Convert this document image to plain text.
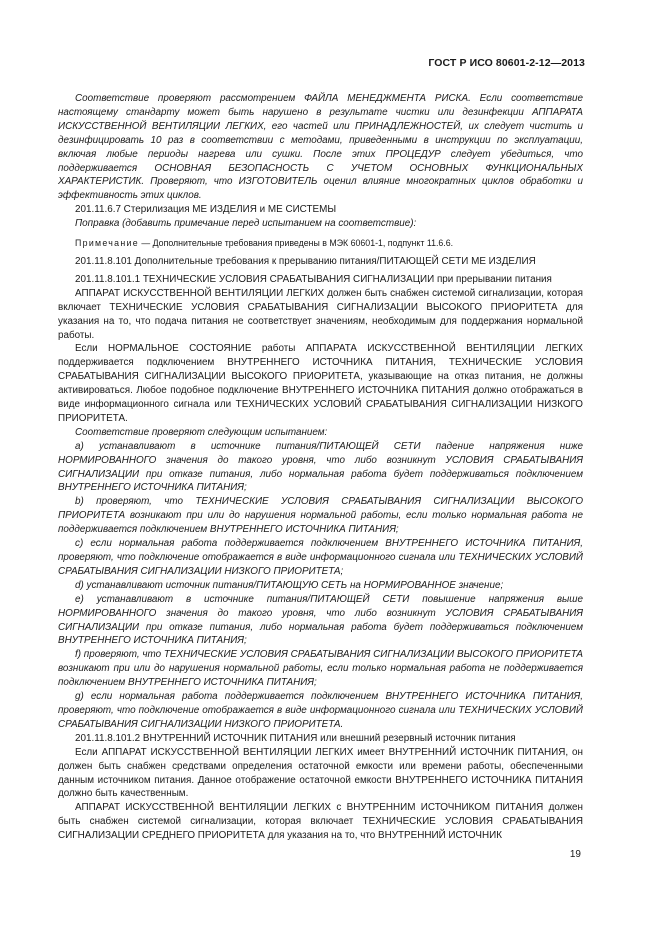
ГОСТ Р ИСО 80601-2-12—2013

Соответствие проверяют рассмотрением ФАЙЛА МЕНЕДЖМЕНТА РИСКА. Если соответствие настоящему стандарту может быть нарушено в результате чистки или дезинфекции АППАРАТА ИСКУССТВЕННОЙ ВЕНТИЛЯЦИИ ЛЕГКИХ, его частей или ПРИНАДЛЕЖНОСТЕЙ, их следует чистить и дезинфицировать 10 раз в соответствии с методами, приведенными в инструкции по эксплуатации, включая любые периоды нагрева или сушки. После этих ПРОЦЕДУР следует убедиться, что поддерживается ОСНОВНАЯ БЕЗОПАСНОСТЬ С УЧЕТОМ ОСНОВНЫХ ФУНКЦИОНАЛЬНЫХ ХАРАКТЕРИСТИК. Проверяют, что ИЗГОТОВИТЕЛЬ оценил влияние многократных циклов обработки и эффективность этих циклов.

201.11.6.7 Стерилизация МЕ ИЗДЕЛИЯ и МЕ СИСТЕМЫ

Поправка (добавить примечание перед испытанием на соответствие):

Примечание — Дополнительные требования приведены в МЭК 60601-1, подпункт 11.6.6.

201.11.8.101 Дополнительные требования к прерыванию питания/ПИТАЮЩЕЙ СЕТИ МЕ ИЗДЕЛИЯ

201.11.8.101.1 ТЕХНИЧЕСКИЕ УСЛОВИЯ СРАБАТЫВАНИЯ СИГНАЛИЗАЦИИ при прерывании питания

АППАРАТ ИСКУССТВЕННОЙ ВЕНТИЛЯЦИИ ЛЕГКИХ должен быть снабжен системой сигнализации, которая включает ТЕХНИЧЕСКИЕ УСЛОВИЯ СРАБАТЫВАНИЯ СИГНАЛИЗАЦИИ ВЫСОКОГО ПРИОРИТЕТА для указания на то, что подача питания не соответствует значениям, необходимым для поддержания нормальной работы.

Если НОРМАЛЬНОЕ СОСТОЯНИЕ работы АППАРАТА ИСКУССТВЕННОЙ ВЕНТИЛЯЦИИ ЛЕГКИХ поддерживается подключением ВНУТРЕННЕГО ИСТОЧНИКА ПИТАНИЯ, ТЕХНИЧЕСКИЕ УСЛОВИЯ СРАБАТЫВАНИЯ СИГНАЛИЗАЦИИ ВЫСОКОГО ПРИОРИТЕТА, указывающие на отказ питания, не должны активироваться. Любое подобное подключение ВНУТРЕННЕГО ИСТОЧНИКА ПИТАНИЯ должно отображаться в виде информационного сигнала или ТЕХНИЧЕСКИХ УСЛОВИЙ СРАБАТЫВАНИЯ СИГНАЛИЗАЦИИ НИЗКОГО ПРИОРИТЕТА.

Соответствие проверяют следующим испытанием:

a) устанавливают в источнике питания/ПИТАЮЩЕЙ СЕТИ падение напряжения ниже НОРМИРОВАННОГО значения до такого уровня, что либо возникнут УСЛОВИЯ СРАБАТЫВАНИЯ СИГНАЛИЗАЦИИ при отказе питания, либо нормальная работа будет поддерживаться подключением ВНУТРЕННЕГО ИСТОЧНИКА ПИТАНИЯ;

b) проверяют, что ТЕХНИЧЕСКИЕ УСЛОВИЯ СРАБАТЫВАНИЯ СИГНАЛИЗАЦИИ ВЫСОКОГО ПРИОРИТЕТА возникают при или до нарушения нормальной работы, если только нормальная работа не поддерживается подключением ВНУТРЕННЕГО ИСТОЧНИКА ПИТАНИЯ;

c) если нормальная работа поддерживается подключением ВНУТРЕННЕГО ИСТОЧНИКА ПИТАНИЯ, проверяют, что подключение отображается в виде информационного сигнала или ТЕХНИЧЕСКИХ УСЛОВИЙ СРАБАТЫВАНИЯ СИГНАЛИЗАЦИИ НИЗКОГО ПРИОРИТЕТА;

d) устанавливают источник питания/ПИТАЮЩУЮ СЕТЬ на НОРМИРОВАННОЕ значение;

e) устанавливают в источнике питания/ПИТАЮЩЕЙ СЕТИ повышение напряжения выше НОРМИРОВАННОГО значения до такого уровня, что либо возникнут УСЛОВИЯ СРАБАТЫВАНИЯ СИГНАЛИЗАЦИИ при отказе питания, либо нормальная работа будет поддерживаться подключением ВНУТРЕННЕГО ИСТОЧНИКА ПИТАНИЯ;

f) проверяют, что ТЕХНИЧЕСКИЕ УСЛОВИЯ СРАБАТЫВАНИЯ СИГНАЛИЗАЦИИ ВЫСОКОГО ПРИОРИТЕТА возникают при или до нарушения нормальной работы, если только нормальная работа не поддерживается подключением ВНУТРЕННЕГО ИСТОЧНИКА ПИТАНИЯ;

g) если нормальная работа поддерживается подключением ВНУТРЕННЕГО ИСТОЧНИКА ПИТАНИЯ, проверяют, что подключение отображается в виде информационного сигнала или ТЕХНИЧЕСКИХ УСЛОВИЙ СРАБАТЫВАНИЯ СИГНАЛИЗАЦИИ НИЗКОГО ПРИОРИТЕТА.

201.11.8.101.2 ВНУТРЕННИЙ ИСТОЧНИК ПИТАНИЯ или внешний резервный источник питания

Если АППАРАТ ИСКУССТВЕННОЙ ВЕНТИЛЯЦИИ ЛЕГКИХ имеет ВНУТРЕННИЙ ИСТОЧНИК ПИТАНИЯ, он должен быть снабжен средствами определения остаточной емкости или времени работы, обеспеченными данным источником питания. Данное отображение остаточной емкости ВНУТРЕННЕГО ИСТОЧНИКА ПИТАНИЯ должно быть качественным.

АППАРАТ ИСКУССТВЕННОЙ ВЕНТИЛЯЦИИ ЛЕГКИХ с ВНУТРЕННИМ ИСТОЧНИКОМ ПИТАНИЯ должен быть снабжен системой сигнализации, которая включает ТЕХНИЧЕСКИЕ УСЛОВИЯ СРАБАТЫВАНИЯ СИГНАЛИЗАЦИИ СРЕДНЕГО ПРИОРИТЕТА для указания на то, что ВНУТРЕННИЙ ИСТОЧНИК

19
